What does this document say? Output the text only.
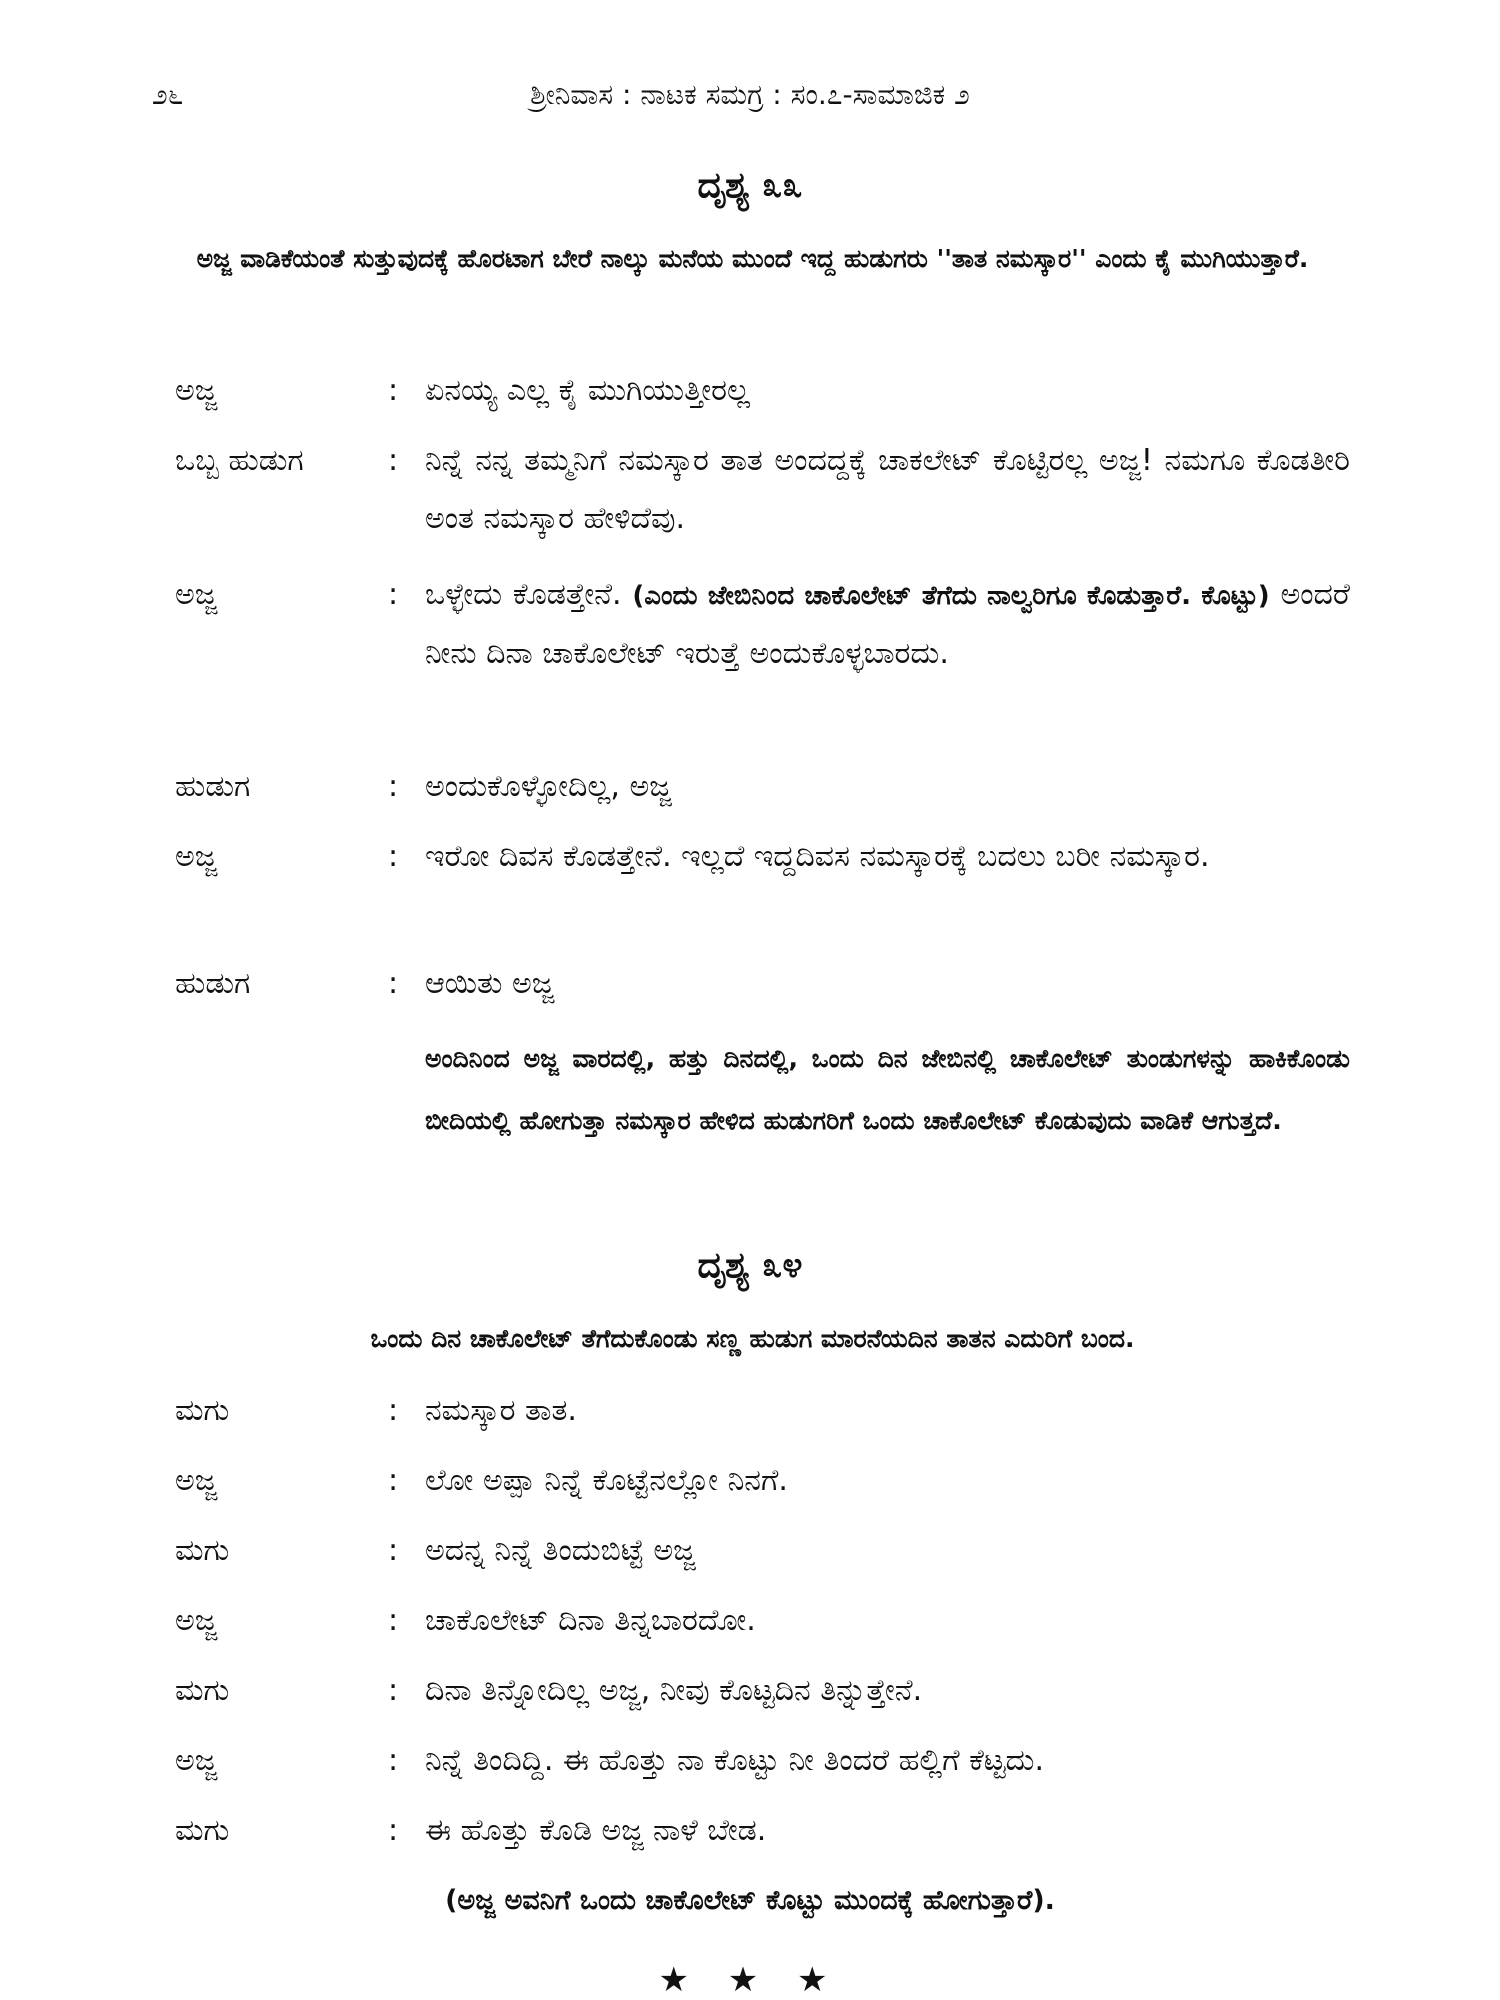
೨೬	ಶ್ರೀನಿವಾಸ : ನಾಟಕ ಸಮಗ್ರ : ಸಂ.೭-ಸಾಮಾಜಿಕ ೨
ದೃಶ್ಯ ೩೩
ಅಜ್ಜ ವಾಡಿಕೆಯಂತೆ ಸುತ್ತುವುದಕ್ಕೆ ಹೊರಟಾಗ ಬೇರೆ ನಾಲ್ಕು ಮನೆಯ ಮುಂದೆ ಇದ್ದ ಹುಡುಗರು ''ತಾತ ನಮಸ್ಕಾರ'' ಎಂದು ಕೈ ಮುಗಿಯುತ್ತಾರೆ.
ಅಜ್ಜ	: ಏನಯ್ಯ ಎಲ್ಲ ಕೈ ಮುಗಿಯುತ್ತೀರಲ್ಲ
ಒಬ್ಬ ಹುಡುಗ	: ನಿನ್ನೆ ನನ್ನ ತಮ್ಮನಿಗೆ ನಮಸ್ಕಾರ ತಾತ ಅಂದದ್ದಕ್ಕೆ ಚಾಕಲೇಟ್ ಕೊಟ್ಟಿರಲ್ಲ ಅಜ್ಜ! ನಮಗೂ ಕೊಡತೀರಿ ಅಂತ ನಮಸ್ಕಾರ ಹೇಳಿದೆವು.
ಅಜ್ಜ	: ಒಳ್ಳೇದು ಕೊಡತ್ತೇನೆ. (ಎಂದು ಜೇಬಿನಿಂದ ಚಾಕೊಲೇಟ್ ತೆಗೆದು ನಾಲ್ವರಿಗೂ ಕೊಡುತ್ತಾರೆ. ಕೊಟ್ಟು) ಅಂದರೆ ನೀನು ದಿನಾ ಚಾಕೊಲೇಟ್ ಇರುತ್ತೆ ಅಂದುಕೊಳ್ಳಬಾರದು.
ಹುಡುಗ	: ಅಂದುಕೊಳ್ಳೋದಿಲ್ಲ, ಅಜ್ಜ
ಅಜ್ಜ	: ಇರೋ ದಿವಸ ಕೊಡತ್ತೇನೆ. ಇಲ್ಲದೆ ಇದ್ದದಿವಸ ನಮಸ್ಕಾರಕ್ಕೆ ಬದಲು ಬರೀ ನಮಸ್ಕಾರ.
ಹುಡುಗ	: ಆಯಿತು ಅಜ್ಜ
ಅಂದಿನಿಂದ ಅಜ್ಜ ವಾರದಲ್ಲಿ, ಹತ್ತು ದಿನದಲ್ಲಿ, ಒಂದು ದಿನ ಜೇಬಿನಲ್ಲಿ ಚಾಕೊಲೇಟ್ ತುಂಡುಗಳನ್ನು ಹಾಕಿಕೊಂಡು ಬೀದಿಯಲ್ಲಿ ಹೋಗುತ್ತಾ ನಮಸ್ಕಾರ ಹೇಳಿದ ಹುಡುಗರಿಗೆ ಒಂದು ಚಾಕೊಲೇಟ್ ಕೊಡುವುದು ವಾಡಿಕೆ ಆಗುತ್ತದೆ.
ದೃಶ್ಯ ೩೪
ಒಂದು ದಿನ ಚಾಕೊಲೇಟ್ ತೆಗೆದುಕೊಂಡು ಸಣ್ಣ ಹುಡುಗ ಮಾರನೆಯದಿನ ತಾತನ ಎದುರಿಗೆ ಬಂದ.
ಮಗು	: ನಮಸ್ಕಾರ ತಾತ.
ಅಜ್ಜ	: ಲೋ ಅಪ್ಪಾ ನಿನ್ನೆ ಕೊಟ್ಟೆನಲ್ಲೋ ನಿನಗೆ.
ಮಗು	: ಅದನ್ನ ನಿನ್ನೆ ತಿಂದುಬಿಟ್ಟೆ ಅಜ್ಜ
ಅಜ್ಜ	: ಚಾಕೊಲೇಟ್ ದಿನಾ ತಿನ್ನಬಾರದೋ.
ಮಗು	: ದಿನಾ ತಿನ್ನೋದಿಲ್ಲ ಅಜ್ಜ, ನೀವು ಕೊಟ್ಟದಿನ ತಿನ್ನುತ್ತೇನೆ.
ಅಜ್ಜ	: ನಿನ್ನೆ ತಿಂದಿದ್ದಿ. ಈ ಹೊತ್ತು ನಾ ಕೊಟ್ಟು ನೀ ತಿಂದರೆ ಹಲ್ಲಿಗೆ ಕೆಟ್ಟದು.
ಮಗು	: ಈ ಹೊತ್ತು ಕೊಡಿ ಅಜ್ಜ ನಾಳೆ ಬೇಡ.
(ಅಜ್ಜ ಅವನಿಗೆ ಒಂದು ಚಾಕೊಲೇಟ್ ಕೊಟ್ಟು ಮುಂದಕ್ಕೆ ಹೋಗುತ್ತಾರೆ).
★ ★ ★
